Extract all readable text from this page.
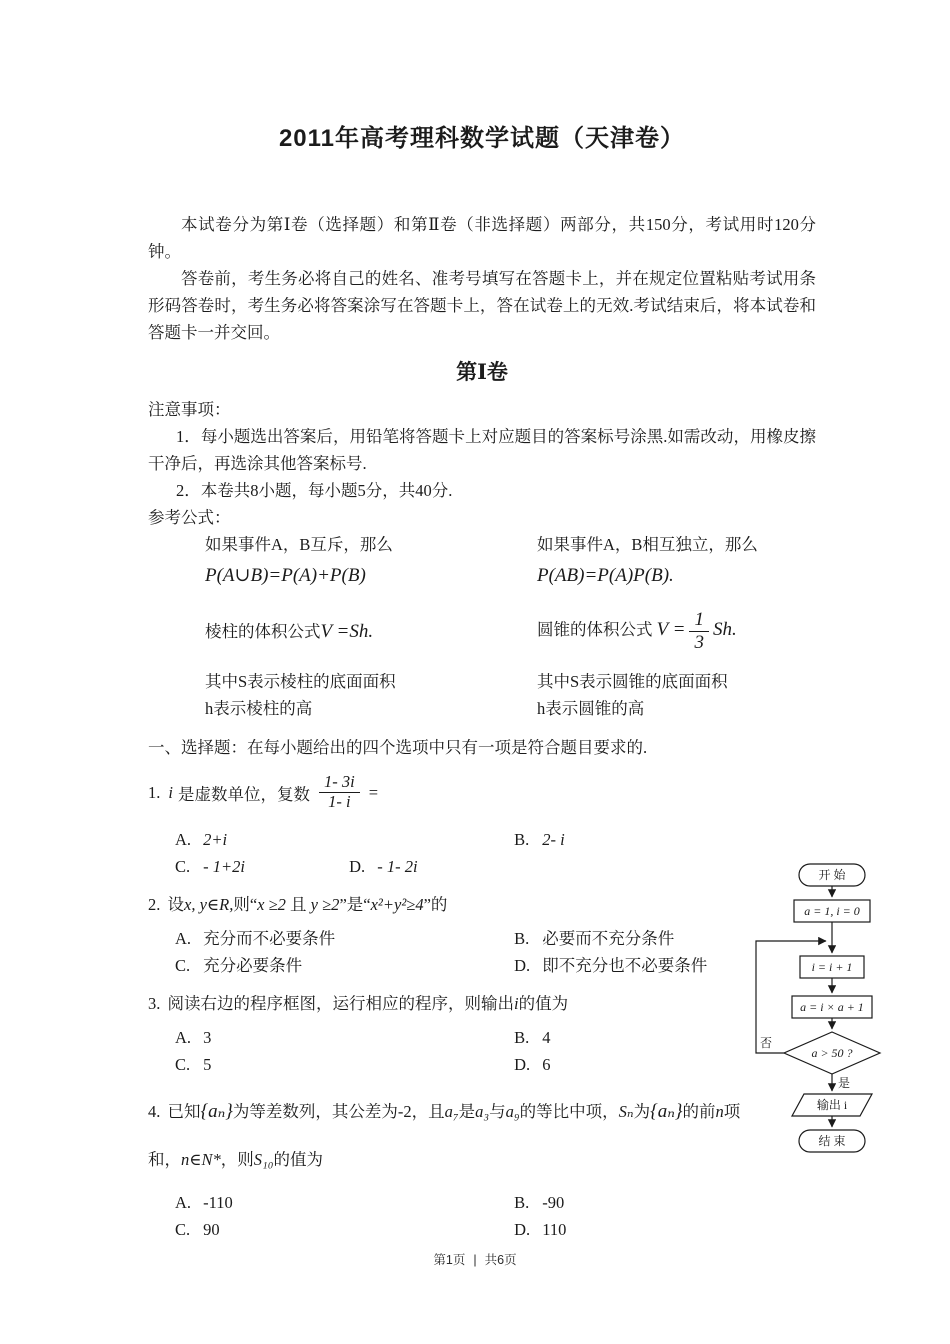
2011年高考理科数学试题（天津卷）

本试卷分为第Ⅰ卷（选择题）和第Ⅱ卷（非选择题）两部分，共150分，考试用时120分钟。

答卷前，考生务必将自己的姓名、准考号填写在答题卡上，并在规定位置粘贴考试用条形码答卷时，考生务必将答案涂写在答题卡上，答在试卷上的无效.考试结束后，将本试卷和答题卡一并交回。

第Ⅰ卷

注意事项：

1．每小题选出答案后，用铅笔将答题卡上对应题目的答案标号涂黑.如需改动，用橡皮擦干净后，再选涂其他答案标号.

2．本卷共8小题，每小题5分，共40分.

参考公式：

如果事件A，B互斥，那么	如果事件A，B相互独立，那么
P(A∪B)=P(A)+P(B)	P(AB)=P(A)P(B).
棱柱的体积公式V =Sh.	圆锥的体积公式 $V = \frac{1}{3} Sh$.
其中S表示棱柱的底面面积	其中S表示圆锥的底面面积
h表示棱柱的高	h表示圆锥的高

一、选择题：在每小题给出的四个选项中只有一项是符合题目要求的.

1. i 是虚数单位，复数 $\frac{1- 3i}{1- i}$ =
A. 2+i	B. 2- i
C. - 1+2i	D. - 1- 2i
2. 设x, y∈R,则“x ≥2 且 y ≥2”是“x²+y²≥4”的
A. 充分而不必要条件	B. 必要而不充分条件
C. 充分必要条件	D. 即不充分也不必要条件
3. 阅读右边的程序框图，运行相应的程序，则输出i的值为
A. 3	B. 4
C. 5	D. 6
4. 已知{aₙ}为等差数列，其公差为-2，且a₇是a₃与a₉的等比中项，Sₙ为{aₙ}的前n项和，n∈N*，则S₁₀的值为
A. -110	B. -90
C. 90	D. 110
开 始
a = 1, i = 0
i = i + 1
a = i × a + 1
a > 50 ?
否
是
输出 i
结 束
第1页 | 共6页
